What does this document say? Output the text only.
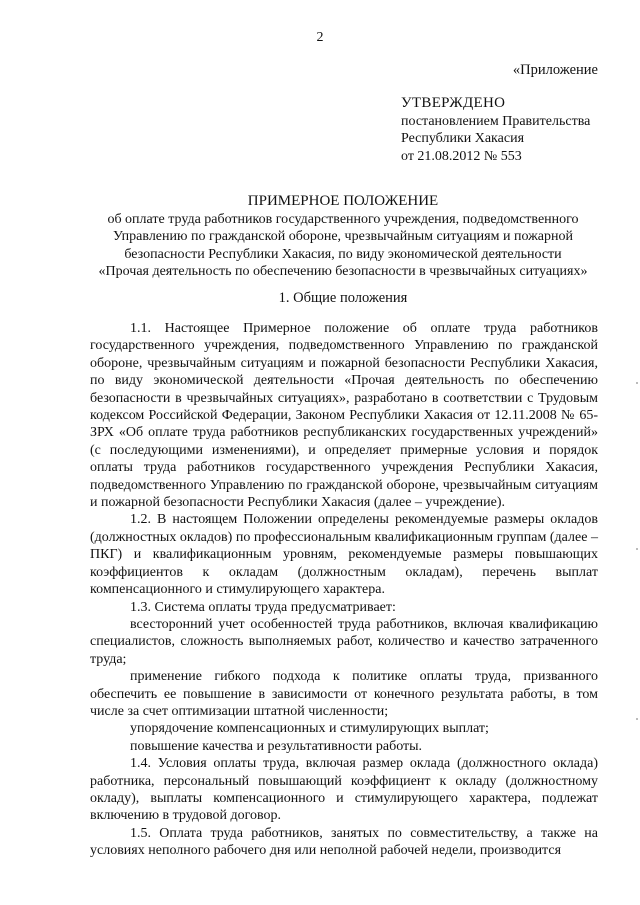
2
«Приложение
УТВЕРЖДЕНО
постановлением Правительства
Республики Хакасия
от 21.08.2012 № 553
ПРИМЕРНОЕ ПОЛОЖЕНИЕ
об оплате труда работников государственного учреждения, подведомственного
Управлению по гражданской обороне, чрезвычайным ситуациям и пожарной
безопасности Республики Хакасия, по виду экономической деятельности
«Прочая деятельность по обеспечению безопасности в чрезвычайных ситуациях»
1. Общие положения

1.1. Настоящее Примерное положение об оплате труда работников государственного учреждения, подведомственного Управлению по гражданской обороне, чрезвычайным ситуациям и пожарной безопасности Республики Хакасия, по виду экономической деятельности «Прочая деятельность по обеспечению безопасности в чрезвычайных ситуациях», разработано в соответствии с Трудовым кодексом Российской Федерации, Законом Республики Хакасия от 12.11.2008 № 65-ЗРХ «Об оплате труда работников республиканских государственных учреждений» (с последующими изменениями), и определяет примерные условия и порядок оплаты труда работников государственного учреждения Республики Хакасия, подведомственного Управлению по гражданской обороне, чрезвычайным ситуациям и пожарной безопасности Республики Хакасия (далее – учреждение).

1.2. В настоящем Положении определены рекомендуемые размеры окладов (должностных окладов) по профессиональным квалификационным группам (далее – ПКГ) и квалификационным уровням, рекомендуемые размеры повышающих коэффициентов к окладам (должностным окладам), перечень выплат компенсационного и стимулирующего характера.

1.3. Система оплаты труда предусматривает:

всесторонний учет особенностей труда работников, включая квалификацию специалистов, сложность выполняемых работ, количество и качество затраченного труда;

применение гибкого подхода к политике оплаты труда, призванного обеспечить ее повышение в зависимости от конечного результата работы, в том числе за счет оптимизации штатной численности;

упорядочение компенсационных и стимулирующих выплат;

повышение качества и результативности работы.

1.4. Условия оплаты труда, включая размер оклада (должностного оклада) работника, персональный повышающий коэффициент к окладу (должностному окладу), выплаты компенсационного и стимулирующего характера, подлежат включению в трудовой договор.

1.5. Оплата труда работников, занятых по совместительству, а также на условиях неполного рабочего дня или неполной рабочей недели, производится
